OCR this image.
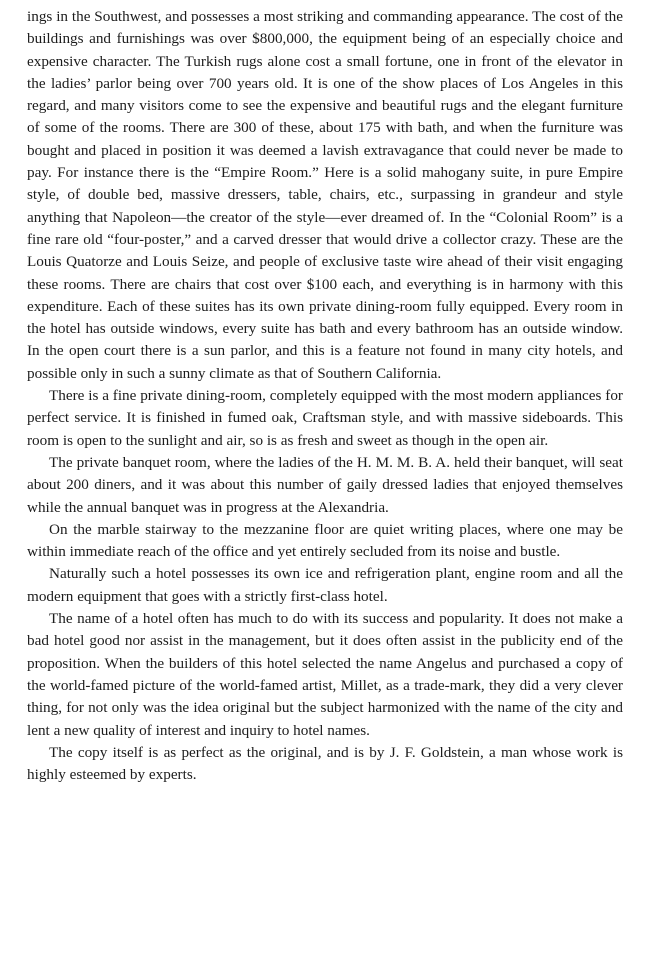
ings in the Southwest, and possesses a most striking and commanding appearance. The cost of the buildings and furnishings was over $800,000, the equipment being of an especially choice and expensive character. The Turkish rugs alone cost a small fortune, one in front of the elevator in the ladies’ parlor being over 700 years old. It is one of the show places of Los Angeles in this regard, and many visitors come to see the expensive and beautiful rugs and the elegant furniture of some of the rooms. There are 300 of these, about 175 with bath, and when the furniture was bought and placed in position it was deemed a lavish extravagance that could never be made to pay. For instance there is the “Empire Room.” Here is a solid mahogany suite, in pure Empire style, of double bed, massive dressers, table, chairs, etc., surpassing in grandeur and style anything that Napoleon—the creator of the style—ever dreamed of. In the “Colonial Room” is a fine rare old “four-poster,” and a carved dresser that would drive a collector crazy. These are the Louis Quatorze and Louis Seize, and people of exclusive taste wire ahead of their visit engaging these rooms. There are chairs that cost over $100 each, and everything is in harmony with this expenditure. Each of these suites has its own private dining-room fully equipped. Every room in the hotel has outside windows, every suite has bath and every bathroom has an outside window. In the open court there is a sun parlor, and this is a feature not found in many city hotels, and possible only in such a sunny climate as that of Southern California.

There is a fine private dining-room, completely equipped with the most modern appliances for perfect service. It is finished in fumed oak, Craftsman style, and with massive sideboards. This room is open to the sunlight and air, so is as fresh and sweet as though in the open air.

The private banquet room, where the ladies of the H. M. M. B. A. held their banquet, will seat about 200 diners, and it was about this number of gaily dressed ladies that enjoyed themselves while the annual banquet was in progress at the Alexandria.

On the marble stairway to the mezzanine floor are quiet writing places, where one may be within immediate reach of the office and yet entirely secluded from its noise and bustle.

Naturally such a hotel possesses its own ice and refrigeration plant, engine room and all the modern equipment that goes with a strictly first-class hotel.

The name of a hotel often has much to do with its success and popularity. It does not make a bad hotel good nor assist in the management, but it does often assist in the publicity end of the proposition. When the builders of this hotel selected the name Angelus and purchased a copy of the world-famed picture of the world-famed artist, Millet, as a trade-mark, they did a very clever thing, for not only was the idea original but the subject harmonized with the name of the city and lent a new quality of interest and inquiry to hotel names.

The copy itself is as perfect as the original, and is by J. F. Goldstein, a man whose work is highly esteemed by experts.
